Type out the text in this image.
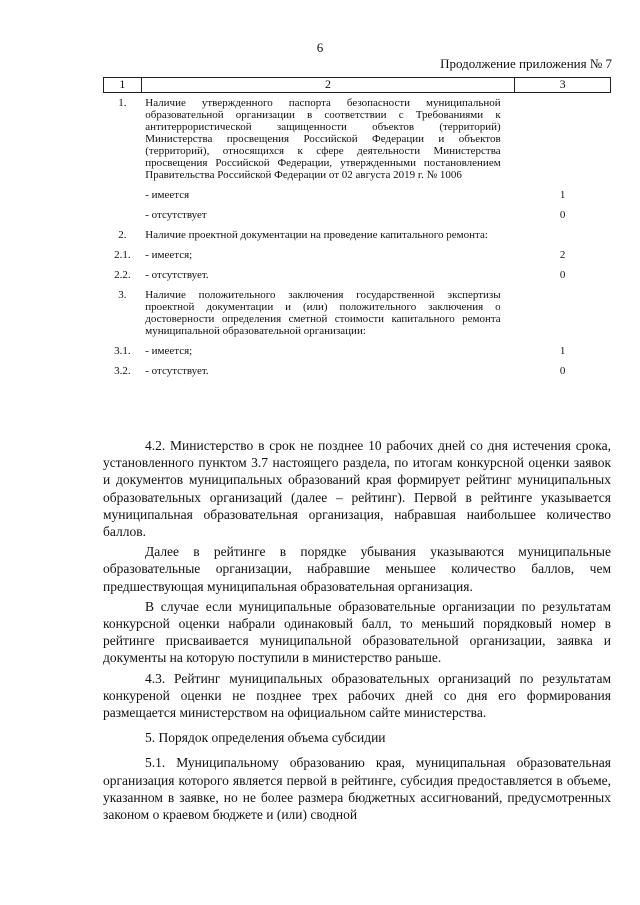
6
Продолжение приложения № 7
1	2	3
1.	Наличие утвержденного паспорта безопасности муниципальной образовательной организации в соответствии с Требованиями к антитеррористической защищенности объектов (территорий) Министерства просвещения Российской Федерации и объектов (территорий), относящихся к сфере деятельности Министерства просвещения Российской Федерации, утвержденными постановлением Правительства Российской Федерации от 02 августа 2019 г. № 1006	
	- имеется	1
	- отсутствует	0
2.	Наличие проектной документации на проведение капитального ремонта:	
2.1.	- имеется;	2
2.2.	- отсутствует.	0
3.	Наличие положительного заключения государственной экспертизы проектной документации и (или) положительного заключения о достоверности определения сметной стоимости капитального ремонта муниципальной образовательной организации:	
3.1.	- имеется;	1
3.2.	- отсутствует.	0

4.2. Министерство в срок не позднее 10 рабочих дней со дня истечения срока, установленного пунктом 3.7 настоящего раздела, по итогам конкурсной оценки заявок и документов муниципальных образований края формирует рейтинг муниципальных образовательных организаций (далее – рейтинг). Первой в рейтинге указывается муниципальная образовательная организация, набравшая наибольшее количество баллов.

Далее в рейтинге в порядке убывания указываются муниципальные образовательные организации, набравшие меньшее количество баллов, чем предшествующая муниципальная образовательная организация.

В случае если муниципальные образовательные организации по результатам конкурсной оценки набрали одинаковый балл, то меньший порядковый номер в рейтинге присваивается муниципальной образовательной организации, заявка и документы на которую поступили в министерство раньше.

4.3. Рейтинг муниципальных образовательных организаций по результатам конкуреной оценки не позднее трех рабочих дней со дня его формирования размещается министерством на официальном сайте министерства.

5. Порядок определения объема субсидии

5.1. Муниципальному образованию края, муниципальная образовательная организация которого является первой в рейтинге, субсидия предоставляется в объеме, указанном в заявке, но не более размера бюджетных ассигнований, предусмотренных законом о краевом бюджете и (или) сводной
